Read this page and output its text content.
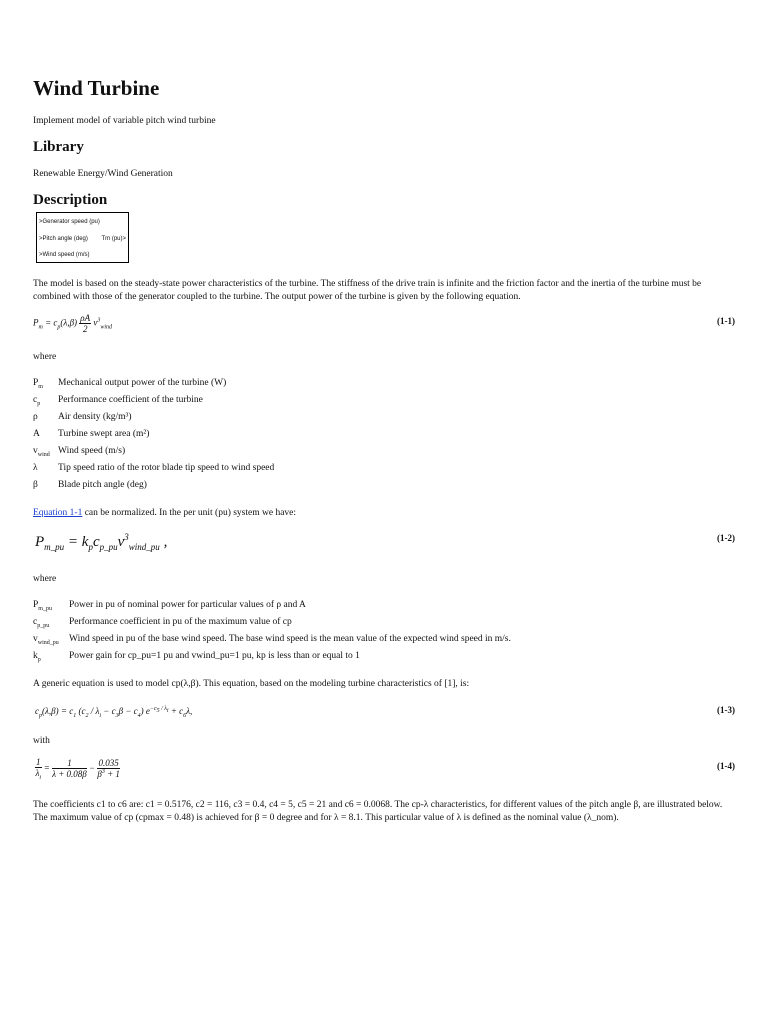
Wind Turbine

Implement model of variable pitch wind turbine

Library

Renewable Energy/Wind Generation

Description
>Generator speed (pu)
>Pitch angle (deg) Tm (pu)>
>Wind speed (m/s)

The model is based on the steady-state power characteristics of the turbine. The stiffness of the drive train is infinite and the friction factor and the inertia of the turbine must be combined with those of the generator coupled to the turbine. The output power of the turbine is given by the following equation.

$P_m = c_p(\lambda,\beta) \frac{\rho A}{2} v^3_{wind}$
(1-1)

where

$P_m$ Mechanical output power of the turbine (W)
$c_p$ Performance coefficient of the turbine
ρ Air density (kg/m³)
A Turbine swept area (m²)
$v_{wind}$ Wind speed (m/s)
λ Tip speed ratio of the rotor blade tip speed to wind speed
β Blade pitch angle (deg)

Equation 1-1 can be normalized. In the per unit (pu) system we have:

$P_{m\_pu} = k_pc_{p\_pu}v^3_{wind\_pu}$ ,	(1-2)

where

$P_{m\_pu}$ Power in pu of nominal power for particular values of ρ and A
$c_{p\_pu}$ Performance coefficient in pu of the maximum value of cp
$v_{wind\_pu}$ Wind speed in pu of the base wind speed. The base wind speed is the mean value of the expected wind speed in m/s.
$k_p$	Power gain for cp_pu=1 pu and vwind_pu=1 pu, kp is less than or equal to 1

A generic equation is used to model cp(λ,β). This equation, based on the modeling turbine characteristics of [1], is:

$c_p(\lambda,\beta) = c_1$ $(c_2 / \lambda_i - c_3\beta - c_4) e^{-c_5 / \lambda_i} + c_6\lambda$,	(1-3)

with

$\frac{1}{\lambda_i} = \frac{1}{\lambda + 0.08\beta} - \frac{0.035}{\beta^3 + 1}$	(1-4)

The coefficients c1 to c6 are: c1 = 0.5176, c2 = 116, c3 = 0.4, c4 = 5, c5 = 21 and c6 = 0.0068. The cp-λ characteristics, for different values of the pitch angle β, are illustrated below. The maximum value of cp (cpmax = 0.48) is achieved for β = 0 degree and for λ = 8.1. This particular value of λ is defined as the nominal value (λ_nom).
